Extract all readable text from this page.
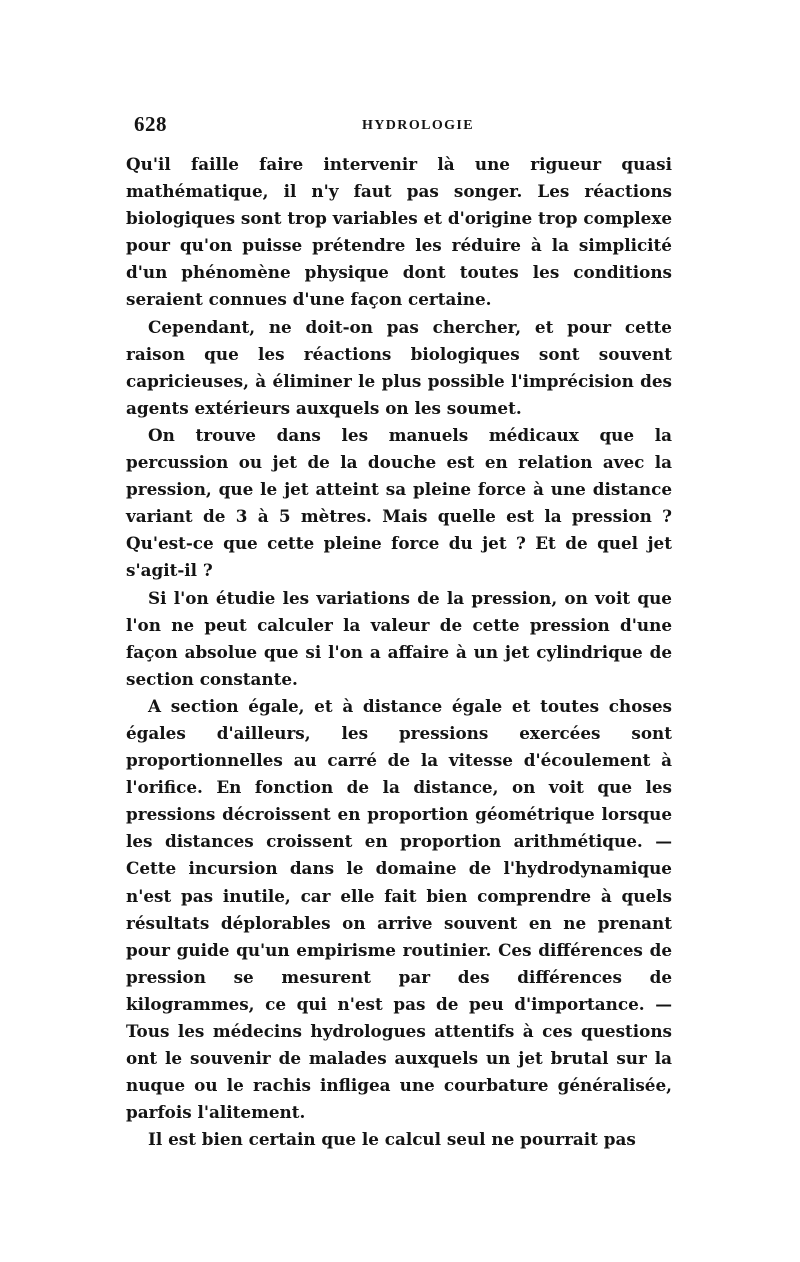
628	HYDROLOGIE

Qu'il faille faire intervenir là une rigueur quasi mathématique, il n'y faut pas songer. Les réactions biologiques sont trop variables et d'origine trop complexe pour qu'on puisse prétendre les réduire à la simplicité d'un phénomène physique dont toutes les conditions seraient connues d'une façon certaine.

Cependant, ne doit-on pas chercher, et pour cette raison que les réactions biologiques sont souvent capricieuses, à éliminer le plus possible l'imprécision des agents extérieurs auxquels on les soumet.

On trouve dans les manuels médicaux que la percussion ou jet de la douche est en relation avec la pression, que le jet atteint sa pleine force à une distance variant de 3 à 5 mètres. Mais quelle est la pression ? Qu'est-ce que cette pleine force du jet ? Et de quel jet s'agit-il ?

Si l'on étudie les variations de la pression, on voit que l'on ne peut calculer la valeur de cette pression d'une façon absolue que si l'on a affaire à un jet cylindrique de section constante.

A section égale, et à distance égale et toutes choses égales d'ailleurs, les pressions exercées sont proportionnelles au carré de la vitesse d'écoulement à l'orifice. En fonction de la distance, on voit que les pressions décroissent en proportion géométrique lorsque les distances croissent en proportion arithmétique. — Cette incursion dans le domaine de l'hydrodynamique n'est pas inutile, car elle fait bien comprendre à quels résultats déplorables on arrive souvent en ne prenant pour guide qu'un empirisme routinier. Ces différences de pression se mesurent par des différences de kilogrammes, ce qui n'est pas de peu d'importance. — Tous les médecins hydrologues attentifs à ces questions ont le souvenir de malades auxquels un jet brutal sur la nuque ou le rachis infligea une courbature généralisée, parfois l'alitement.

Il est bien certain que le calcul seul ne pourrait pas
